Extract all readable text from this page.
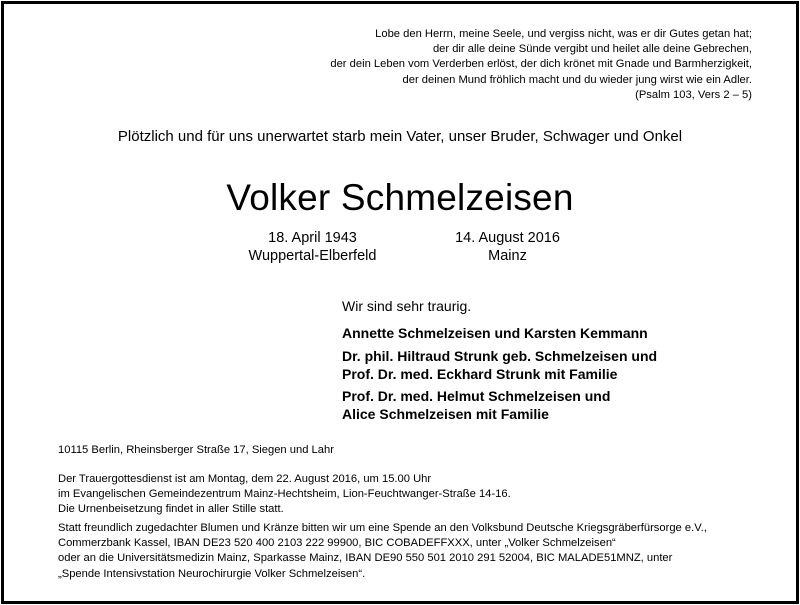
Lobe den Herrn, meine Seele, und vergiss nicht, was er dir Gutes getan hat;
der dir alle deine Sünde vergibt und heilet alle deine Gebrechen,
der dein Leben vom Verderben erlöst, der dich krönet mit Gnade und Barmherzigkeit,
der deinen Mund fröhlich macht und du wieder jung wirst wie ein Adler.
(Psalm 103, Vers 2 – 5)
Plötzlich und für uns unerwartet starb mein Vater, unser Bruder, Schwager und Onkel
Volker Schmelzeisen
18. April 1943
Wuppertal-Elberfeld
14. August 2016
Mainz
Wir sind sehr traurig.
Annette Schmelzeisen und Karsten Kemmann
Dr. phil. Hiltraud Strunk geb. Schmelzeisen und
Prof. Dr. med. Eckhard Strunk mit Familie
Prof. Dr. med. Helmut Schmelzeisen und
Alice Schmelzeisen mit Familie
10115 Berlin, Rheinsberger Straße 17, Siegen und Lahr
Der Trauergottesdienst ist am Montag, dem 22. August 2016, um 15.00 Uhr
im Evangelischen Gemeindezentrum Mainz-Hechtsheim, Lion-Feuchtwanger-Straße 14-16.
Die Urnenbeisetzung findet in aller Stille statt.
Statt freundlich zugedachter Blumen und Kränze bitten wir um eine Spende an den Volksbund Deutsche Kriegsgräberfürsorge e.V.,
Commerzbank Kassel, IBAN DE23 520 400 2103 222 99900, BIC COBADEFFXXX, unter „Volker Schmelzeisen“
oder an die Universitätsmedizin Mainz, Sparkasse Mainz, IBAN DE90 550 501 2010 291 52004, BIC MALADE51MNZ, unter
„Spende Intensivstation Neurochirurgie Volker Schmelzeisen“.
